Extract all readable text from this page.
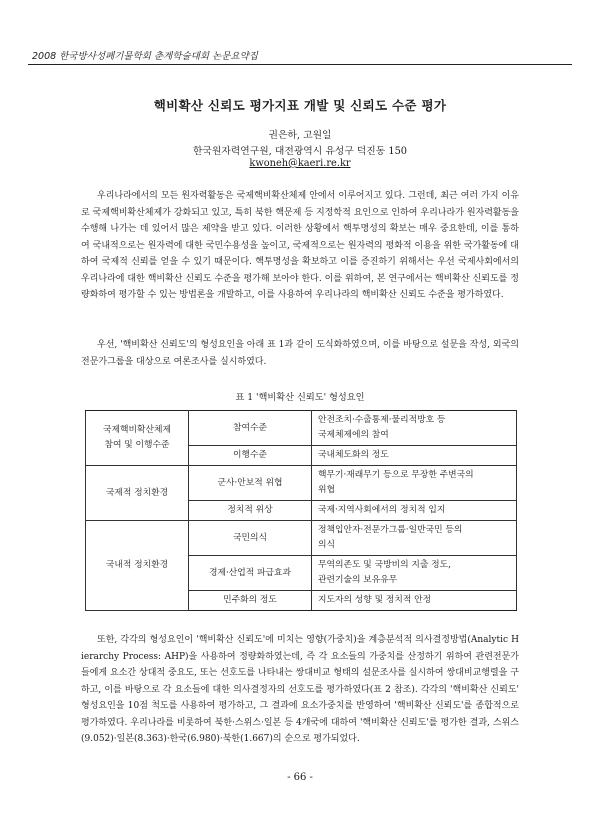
2008 한국방사성폐기물학회 춘계학술대회 논문요약집
핵비확산 신뢰도 평가지표 개발 및 신뢰도 수준 평가
권은하, 고원일
한국원자력연구원, 대전광역시 유성구 덕진동 150
kwoneh@kaeri.re.kr

우리나라에서의 모든 원자력활동은 국제핵비확산체제 안에서 이루어지고 있다. 그런데, 최근 여러 가지 이유로 국제핵비확산체제가 강화되고 있고, 특히 북한 핵문제 등 지정학적 요인으로 인하여 우리나라가 원자력활동을 수행해 나가는 데 있어서 많은 제약을 받고 있다. 이러한 상황에서 핵투명성의 확보는 매우 중요한데, 이를 통하여 국내적으로는 원자력에 대한 국민수용성을 높이고, 국제적으로는 원자력의 평화적 이용을 위한 국가활동에 대하여 국제적 신뢰를 얻을 수 있기 때문이다. 핵투명성을 확보하고 이를 증진하기 위해서는 우선 국제사회에서의 우리나라에 대한 핵비확산 신뢰도 수준을 평가해 보아야 한다. 이를 위하여, 본 연구에서는 핵비확산 신뢰도를 정량화하여 평가할 수 있는 방법론을 개발하고, 이를 사용하여 우리나라의 핵비확산 신뢰도 수준을 평가하였다.

우선, '핵비확산 신뢰도'의 형성요인을 아래 표 1과 같이 도식화하였으며, 이를 바탕으로 설문을 작성, 외국의 전문가그룹을 대상으로 여론조사를 실시하였다.

표 1 '핵비확산 신뢰도' 형성요인
국제핵비확산체제
참여 및 이행수준	참여수준	안전조치·수출통제·물리적방호 등
국제체제에의 참여
	이행수준	국내체도화의 정도
국제적 정치환경	군사·안보적 위협	핵무기·재래무기 등으로 무장한 주변국의
위협
	정치적 위상	국제·지역사회에서의 정치적 입지
국내적 정치환경	국민의식	정책입안자·전문가그룹·일반국민 등의
의식
	경제·산업적 파급효과	무역의존도 및 국방비의 지출 정도,
관련기술의 보유유무
	민주화의 정도	지도자의 성향 및 정치적 안정

또한, 각각의 형성요인이 '핵비확산 신뢰도'에 미치는 영향(가중치)을 계층분석적 의사결정방법(Analytic Hierarchy Process: AHP)을 사용하여 정량화하였는데, 즉 각 요소들의 가중치를 산정하기 위하여 관련전문가들에게 요소간 상대적 중요도, 또는 선호도를 나타내는 쌍대비교 형태의 설문조사를 실시하여 쌍대비교행렬을 구하고, 이를 바탕으로 각 요소들에 대한 의사결정자의 선호도를 평가하였다(표 2 참조). 각각의 '핵비확산 신뢰도' 형성요인을 10점 척도를 사용하여 평가하고, 그 결과에 요소가중치를 반영하여 '핵비확산 신뢰도'를 종합적으로 평가하였다. 우리나라를 비롯하여 북한·스위스·일본 등 4개국에 대하여 '핵비확산 신뢰도'를 평가한 결과, 스위스(9.052)·일본(8.363)·한국(6.980)·북한(1.667)의 순으로 평가되었다.

- 66 -
